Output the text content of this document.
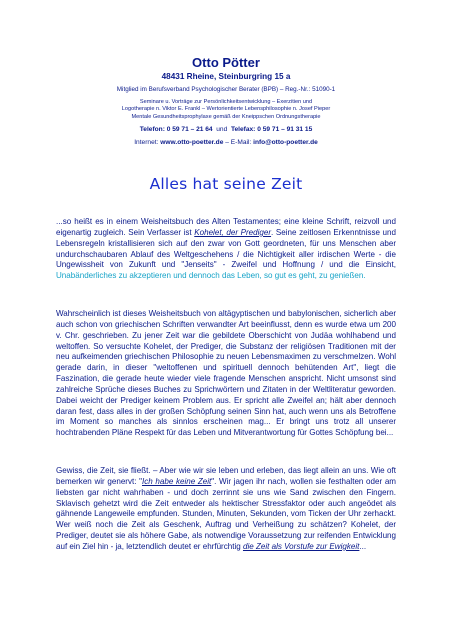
Otto Pötter
48431 Rheine, Steinburgring 15 a
Mitglied im Berufsverband Psychologischer Berater (BPB) – Reg.-Nr.: 51090-1
Seminare u. Vorträge zur Persönlichkeitsentwicklung – Exerzitien und
Logotherapie n. Viktor E. Frankl – Wertorientierte Lebensphilosophie n. Josef Pieper
Mentale Gesundheitsprophylaxe gemäß der Kneippschen Ordnungstherapie
Telefon: 0 59 71 – 21 64 und Telefax: 0 59 71 – 91 31 15
Internet: www.otto-poetter.de – E-Mail: info@otto-poetter.de
Alles hat seine Zeit
...so heißt es in einem Weisheitsbuch des Alten Testamentes; eine kleine Schrift, reizvoll und eigenartig zugleich. Sein Verfasser ist Kohelet, der Prediger. Seine zeitlosen Erkenntnisse und Lebensregeln kristallisieren sich auf den zwar von Gott geordneten, für uns Menschen aber undurchschaubaren Ablauf des Weltgeschehens / die Nichtigkeit aller irdischen Werte - die Ungewissheit von Zukunft und "Jenseits" - Zweifel und Hoffnung / und die Einsicht, Unabänderliches zu akzeptieren und dennoch das Leben, so gut es geht, zu genießen.
Wahrscheinlich ist dieses Weisheitsbuch von altägyptischen und babylonischen, sicherlich aber auch schon von griechischen Schriften verwandter Art beeinflusst, denn es wurde etwa um 200 v. Chr. geschrieben. Zu jener Zeit war die gebildete Oberschicht von Judäa wohlhabend und weltoffen. So versuchte Kohelet, der Prediger, die Substanz der religiösen Traditionen mit der neu aufkeimenden griechischen Philosophie zu neuen Lebensmaximen zu verschmelzen. Wohl gerade darin, in dieser "weltoffenen und spirituell dennoch behütenden Art", liegt die Faszination, die gerade heute wieder viele fragende Menschen anspricht. Nicht umsonst sind zahlreiche Sprüche dieses Buches zu Sprichwörtern und Zitaten in der Weltliteratur geworden. Dabei weicht der Prediger keinem Problem aus. Er spricht alle Zweifel an; hält aber dennoch daran fest, dass alles in der großen Schöpfung seinen Sinn hat, auch wenn uns als Betroffene im Moment so manches als sinnlos erscheinen mag... Er bringt uns trotz all unserer hochtrabenden Pläne Respekt für das Leben und Mitverantwortung für Gottes Schöpfung bei...
Gewiss, die Zeit, sie fließt. – Aber wie wir sie leben und erleben, das liegt allein an uns. Wie oft bemerken wir genervt: "Ich habe keine Zeit". Wir jagen ihr nach, wollen sie festhalten oder am liebsten gar nicht wahrhaben - und doch zerrinnt sie uns wie Sand zwischen den Fingern. Sklavisch gehetzt wird die Zeit entweder als hektischer Stressfaktor oder auch angeödet als gähnende Langeweile empfunden. Stunden, Minuten, Sekunden, vom Ticken der Uhr zerhackt. Wer weiß noch die Zeit als Geschenk, Auftrag und Verheißung zu schätzen? Kohelet, der Prediger, deutet sie als höhere Gabe, als notwendige Voraussetzung zur reifenden Entwicklung auf ein Ziel hin - ja, letztendlich deutet er ehrfürchtig die Zeit als Vorstufe zur Ewigkeit...
